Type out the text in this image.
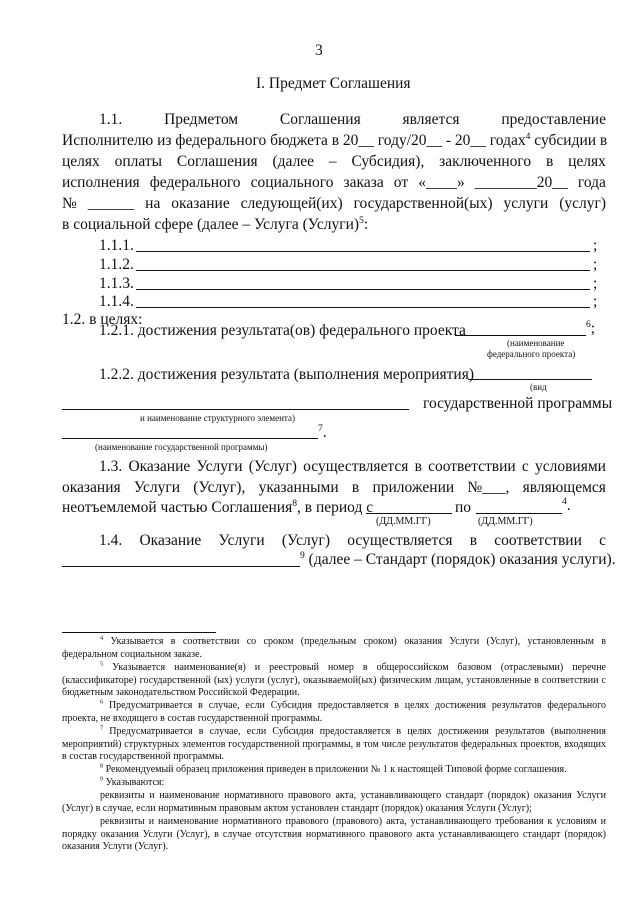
3
I. Предмет Соглашения
1.1.	Предметом	Соглашения	является	предоставление
Исполнителю из федерального бюджета в 20__ году/20__ - 20__ годах$^4$ субсидии в
целях оплаты Соглашения (далее – Субсидия), заключенного в целях
исполнения федерального социального заказа от «____» ________20__ года
№ ______ на оказание следующей(их) государственной(ых) услуги (услуг)
в социальной сфере (далее – Услуга (Услуги)$^5$:
1.1.1.	;
1.1.2.	;
1.1.3.	;
1.1.4.	;
1.2. в целях:
1.2.1. достижения результата(ов) федерального проекта	$^6$;
(наименование
федерального проекта)
1.2.2. достижения результата (выполнения мероприятия)
(вид
государственной программы
и наименование структурного элемента)
$^7$.
(наименование государственной программы)
1.3. Оказание Услуги (Услуг) осуществляется в соответствии с условиями
оказания Услуги (Услуг), указанными в приложении №___, являющемся
неотъемлемой частью Соглашения$^8$, в период с	по	$^4$.
(ДД.ММ.ГГ)	(ДД.ММ.ГГ)
1.4. Оказание Услуги (Услуг) осуществляется в соответствии с
$^9$ (далее – Стандарт (порядок) оказания услуги).
$^4$ Указывается в соответствии со сроком (предельным сроком) оказания Услуги (Услуг), установленным в федеральном социальном заказе.
$^5$ Указывается наименование(я) и реестровый номер в общероссийском базовом (отраслевыми) перечне (классификаторе) государственной (ых) услуги (услуг), оказываемой(ых) физическим лицам, установленные в соответствии с бюджетным законодательством Российской Федерации.
$^6$ Предусматривается в случае, если Субсидия предоставляется в целях достижения результатов федерального проекта, не входящего в состав государственной программы.
$^7$ Предусматривается в случае, если Субсидия предоставляется в целях достижения результатов (выполнения мероприятий) структурных элементов государственной программы, в том числе результатов федеральных проектов, входящих в состав государственной программы.
$^8$ Рекомендуемый образец приложения приведен в приложении № 1 к настоящей Типовой форме соглашения.
$^9$ Указываются:
реквизиты и наименование нормативного правового акта, устанавливающего стандарт (порядок) оказания Услуги (Услуг) в случае, если нормативным правовым актом установлен стандарт (порядок) оказания Услуги (Услуг);
реквизиты и наименование нормативного правового (правового) акта, устанавливающего требования к условиям и порядку оказания Услуги (Услуг), в случае отсутствия нормативного правового акта устанавливающего стандарт (порядок) оказания Услуги (Услуг).
